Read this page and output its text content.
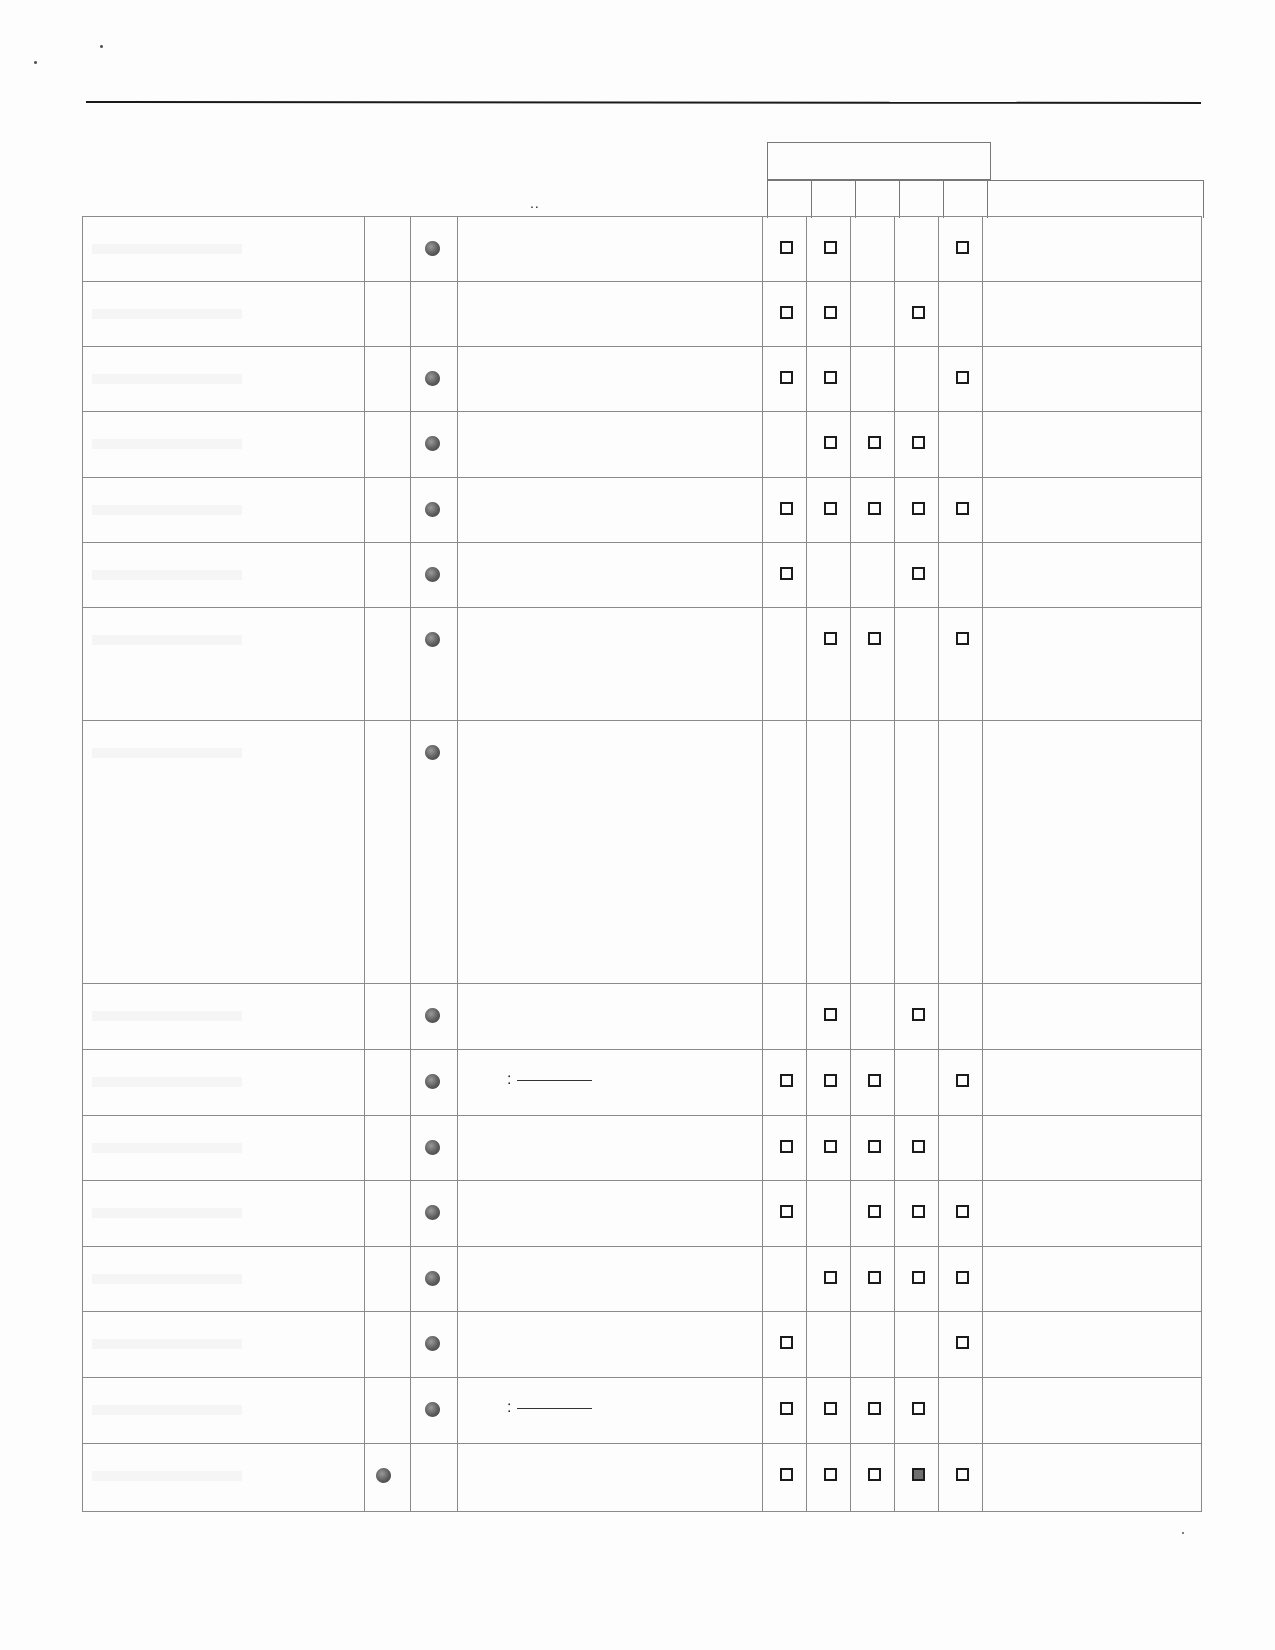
..
:
:
